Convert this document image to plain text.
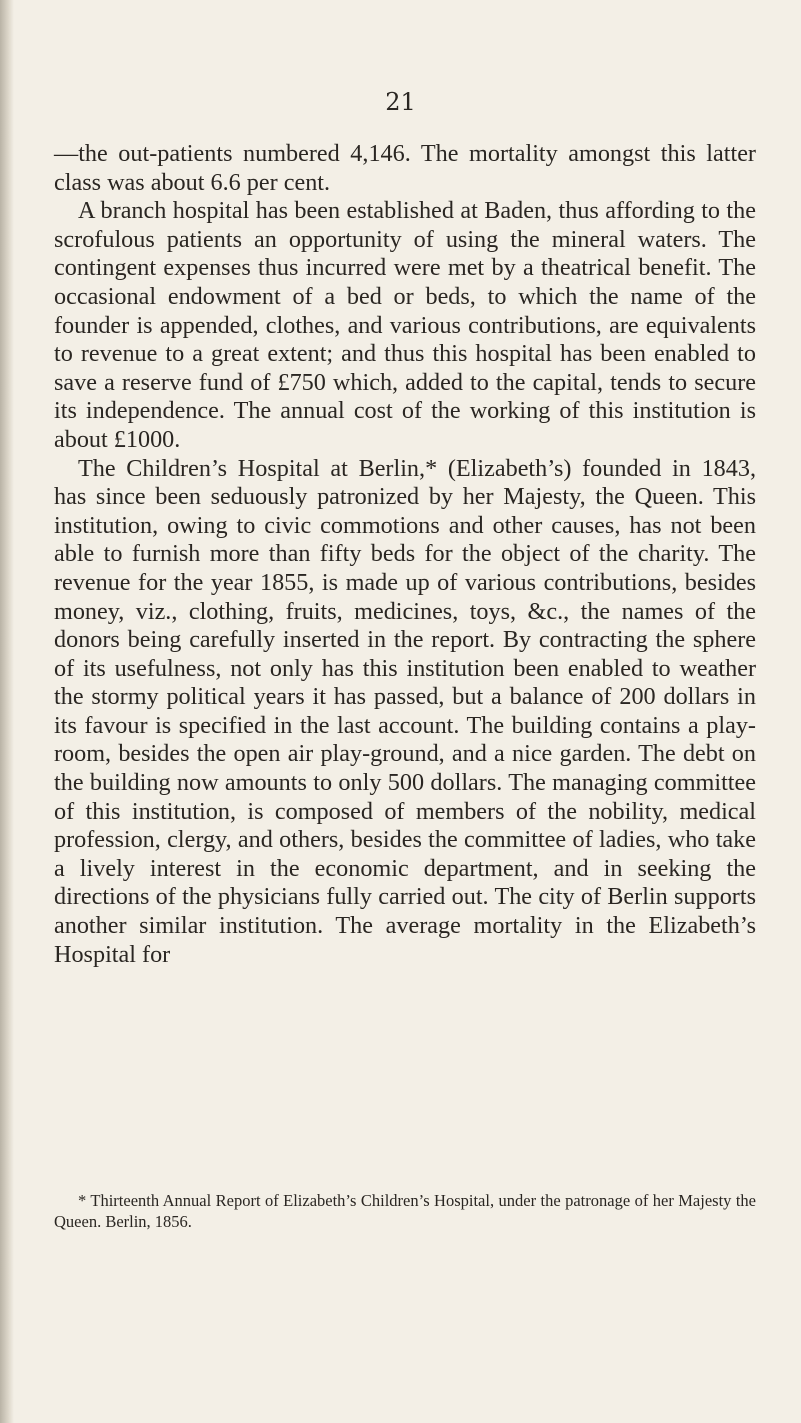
21

—the out-patients numbered 4,146. The mortality amongst this latter class was about 6.6 per cent.

A branch hospital has been established at Baden, thus affording to the scrofulous patients an opportunity of using the mineral waters. The contingent expenses thus incurred were met by a theatrical benefit. The occasional endowment of a bed or beds, to which the name of the founder is appended, clothes, and various contributions, are equivalents to revenue to a great extent; and thus this hospital has been enabled to save a reserve fund of £750 which, added to the capital, tends to secure its independence. The annual cost of the working of this institution is about £1000.

The Children’s Hospital at Berlin,* (Elizabeth’s) founded in 1843, has since been seduously patronized by her Majesty, the Queen. This institution, owing to civic commotions and other causes, has not been able to furnish more than fifty beds for the object of the charity. The revenue for the year 1855, is made up of various contributions, besides money, viz., clothing, fruits, medicines, toys, &c., the names of the donors being carefully inserted in the report. By contracting the sphere of its usefulness, not only has this institution been enabled to weather the stormy political years it has passed, but a balance of 200 dollars in its favour is specified in the last account. The building contains a play-room, besides the open air play-ground, and a nice garden. The debt on the building now amounts to only 500 dollars. The managing committee of this institution, is composed of members of the nobility, medical profession, clergy, and others, besides the committee of ladies, who take a lively interest in the economic department, and in seeking the directions of the physicians fully carried out. The city of Berlin supports another similar institution. The average mortality in the Elizabeth’s Hospital for

* Thirteenth Annual Report of Elizabeth’s Children’s Hospital, under the patronage of her Majesty the Queen. Berlin, 1856.
